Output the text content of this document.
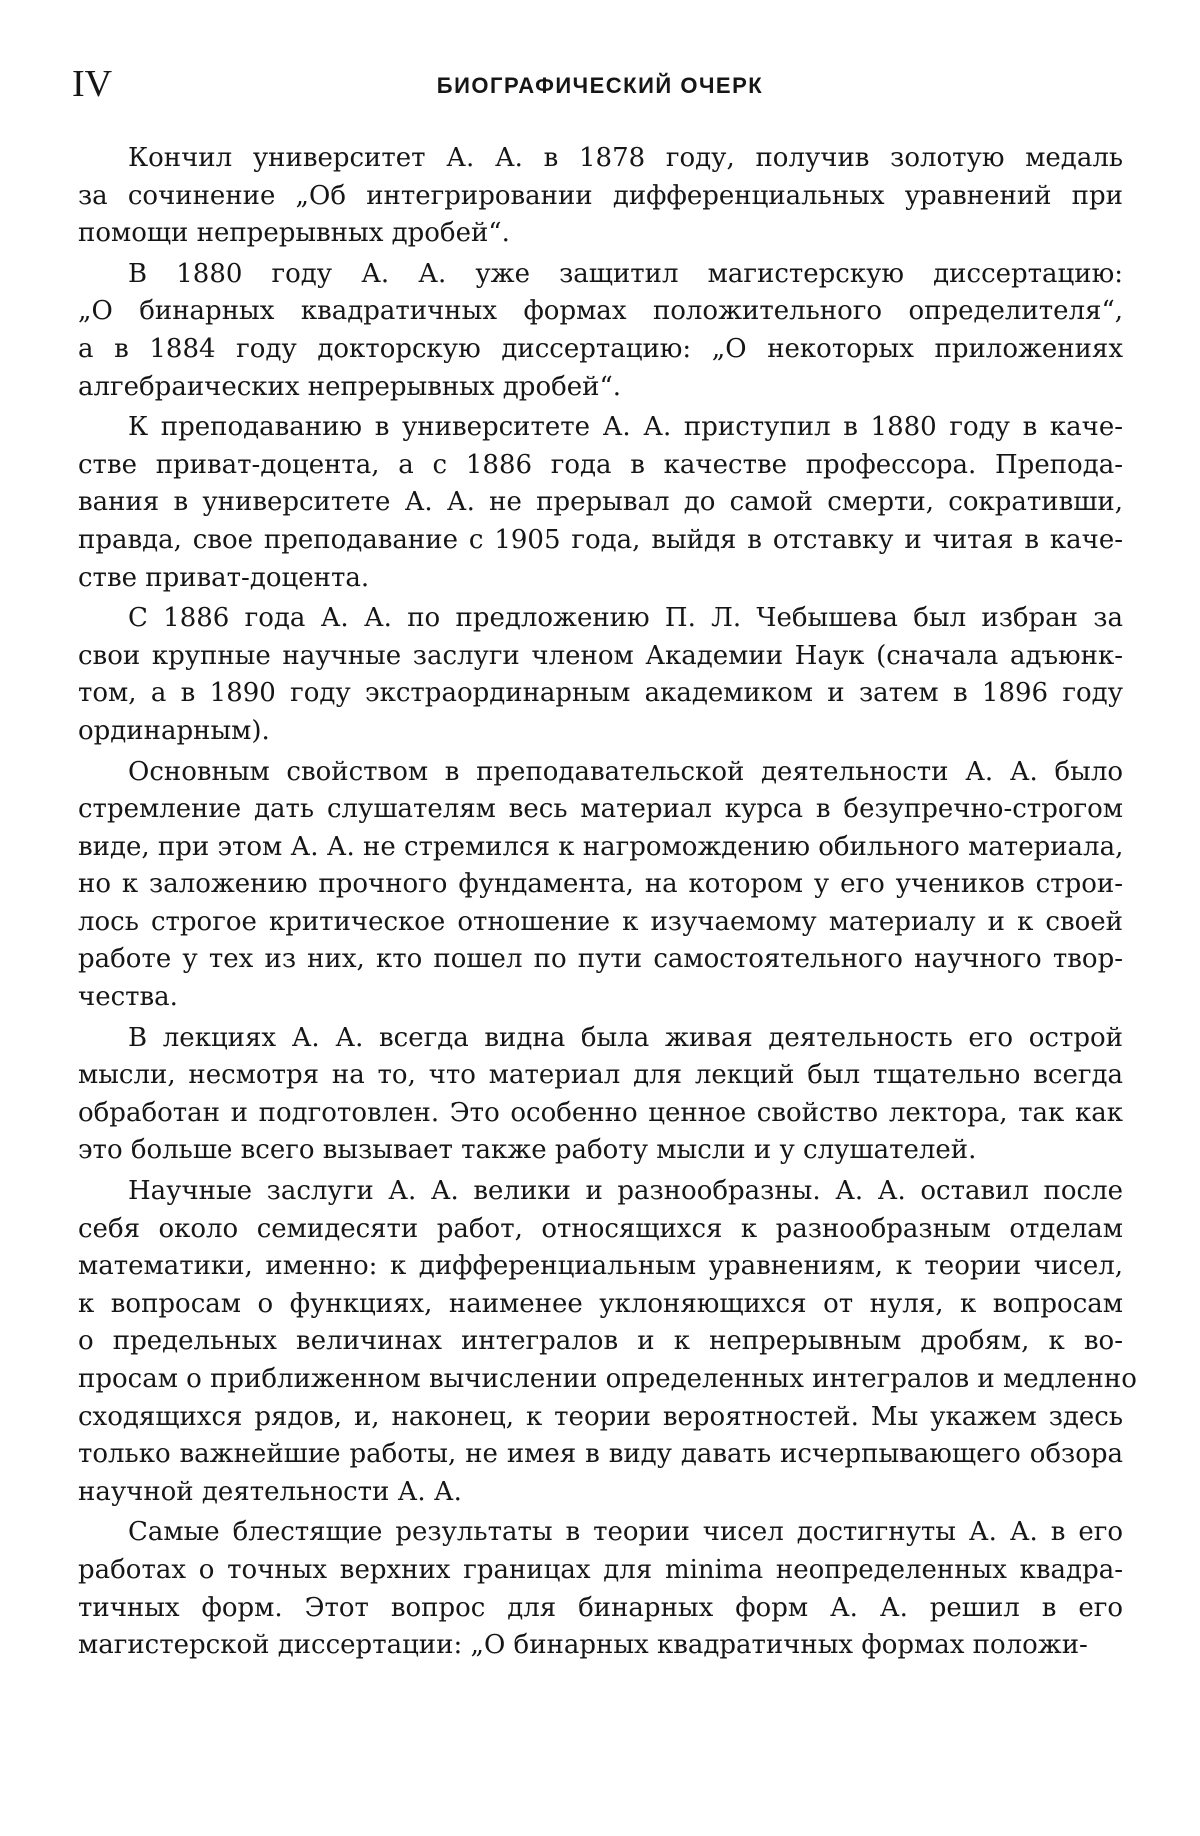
IV	БИОГРАФИЧЕСКИЙ ОЧЕРК
Кончил университет А. А. в 1878 году, получив золотую медаль
за сочинение „Об интегрировании дифференциальных уравнений при
помощи непрерывных дробей“.
В 1880 году А. А. уже защитил магистерскую диссертацию:
„О бинарных квадратичных формах положительного определителя“,
а в 1884 году докторскую диссертацию: „О некоторых приложениях
алгебраических непрерывных дробей“.
К преподаванию в университете А. А. приступил в 1880 году в каче-
стве приват-доцента, а с 1886 года в качестве профессора. Препода-
вания в университете А. А. не прерывал до самой смерти, сокративши,
правда, свое преподавание с 1905 года, выйдя в отставку и читая в каче-
стве приват-доцента.
С 1886 года А. А. по предложению П. Л. Чебышева был избран за
свои крупные научные заслуги членом Академии Наук (сначала адъюнк-
том, а в 1890 году экстраординарным академиком и затем в 1896 году
ординарным).
Основным свойством в преподавательской деятельности А. А. было
стремление дать слушателям весь материал курса в безупречно-строгом
виде, при этом А. А. не стремился к нагромождению обильного материала,
но к заложению прочного фундамента, на котором у его учеников строи-
лось строгое критическое отношение к изучаемому материалу и к своей
работе у тех из них, кто пошел по пути самостоятельного научного твор-
чества.
В лекциях А. А. всегда видна была живая деятельность его острой
мысли, несмотря на то, что материал для лекций был тщательно всегда
обработан и подготовлен. Это особенно ценное свойство лектора, так как
это больше всего вызывает также работу мысли и у слушателей.
Научные заслуги А. А. велики и разнообразны. А. А. оставил после
себя около семидесяти работ, относящихся к разнообразным отделам
математики, именно: к дифференциальным уравнениям, к теории чисел,
к вопросам о функциях, наименее уклоняющихся от нуля, к вопросам
о предельных величинах интегралов и к непрерывным дробям, к во-
просам о приближенном вычислении определенных интегралов и медленно
сходящихся рядов, и, наконец, к теории вероятностей. Мы укажем здесь
только важнейшие работы, не имея в виду давать исчерпывающего обзора
научной деятельности А. А.
Самые блестящие результаты в теории чисел достигнуты А. А. в его
работах о точных верхних границах для minima неопределенных квадра-
тичных форм. Этот вопрос для бинарных форм А. А. решил в его
магистерской диссертации: „О бинарных квадратичных формах положи-
